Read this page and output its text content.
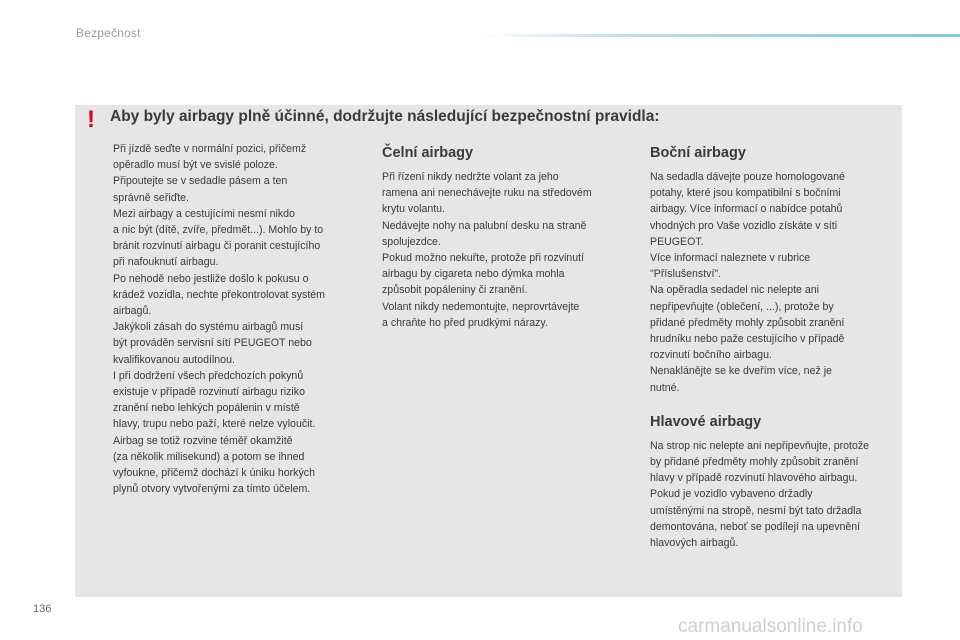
Bezpečnost
! Aby byly airbagy plně účinné, dodržujte následující bezpečnostní pravidla:

Při jízdě seďte v normální pozici, přičemž
opěradlo musí být ve svislé poloze.
Připoutejte se v sedadle pásem a ten
správně seřiďte.
Mezi airbagy a cestujícími nesmí nikdo
a nic být (dítě, zvíře, předmět...). Mohlo by to
bránit rozvinutí airbagu či poranit cestujícího
při nafouknutí airbagu.
Po nehodě nebo jestliže došlo k pokusu o
krádež vozidla, nechte překontrolovat systém
airbagů.
Jakýkoli zásah do systému airbagů musí
být prováděn servisní sítí PEUGEOT nebo
kvalifikovanou autodílnou.
I při dodržení všech předchozích pokynů
existuje v případě rozvinutí airbagu riziko
zranění nebo lehkých popálenin v místě
hlavy, trupu nebo paží, které nelze vyloučit.
Airbag se totiž rozvine téměř okamžitě
(za několik milisekund) a potom se ihned
vyfoukne, přičemž dochází k úniku horkých
plynů otvory vytvořenými za tímto účelem.

Čelní airbagy

Při řízení nikdy nedržte volant za jeho
ramena ani nenechávejte ruku na středovém
krytu volantu.
Nedávejte nohy na palubní desku na straně
spolujezdce.
Pokud možno nekuřte, protože při rozvinutí
airbagu by cigareta nebo dýmka mohla
způsobit popáleniny či zranění.
Volant nikdy nedemontujte, neprovrtávejte
a chraňte ho před prudkými nárazy.

Boční airbagy

Na sedadla dávejte pouze homologované
potahy, které jsou kompatibilní s bočními
airbagy. Více informací o nabídce potahů
vhodných pro Vaše vozidlo získáte v síti
PEUGEOT.
Více informací naleznete v rubrice
"Příslušenství".
Na opěradla sedadel nic nelepte ani
nepřipevňujte (oblečení, ...), protože by
přidané předměty mohly způsobit zranění
hrudníku nebo paže cestujícího v případě
rozvinutí bočního airbagu.
Nenaklánějte se ke dveřím více, než je
nutné.

Hlavové airbagy

Na strop nic nelepte ani nepřipevňujte, protože
by přidané předměty mohly způsobit zranění
hlavy v případě rozvinutí hlavového airbagu.
Pokud je vozidlo vybaveno držadly
umístěnými na stropě, nesmí být tato držadla
demontována, neboť se podílejí na upevnění
hlavových airbagů.

136
carmanualsonline.info
